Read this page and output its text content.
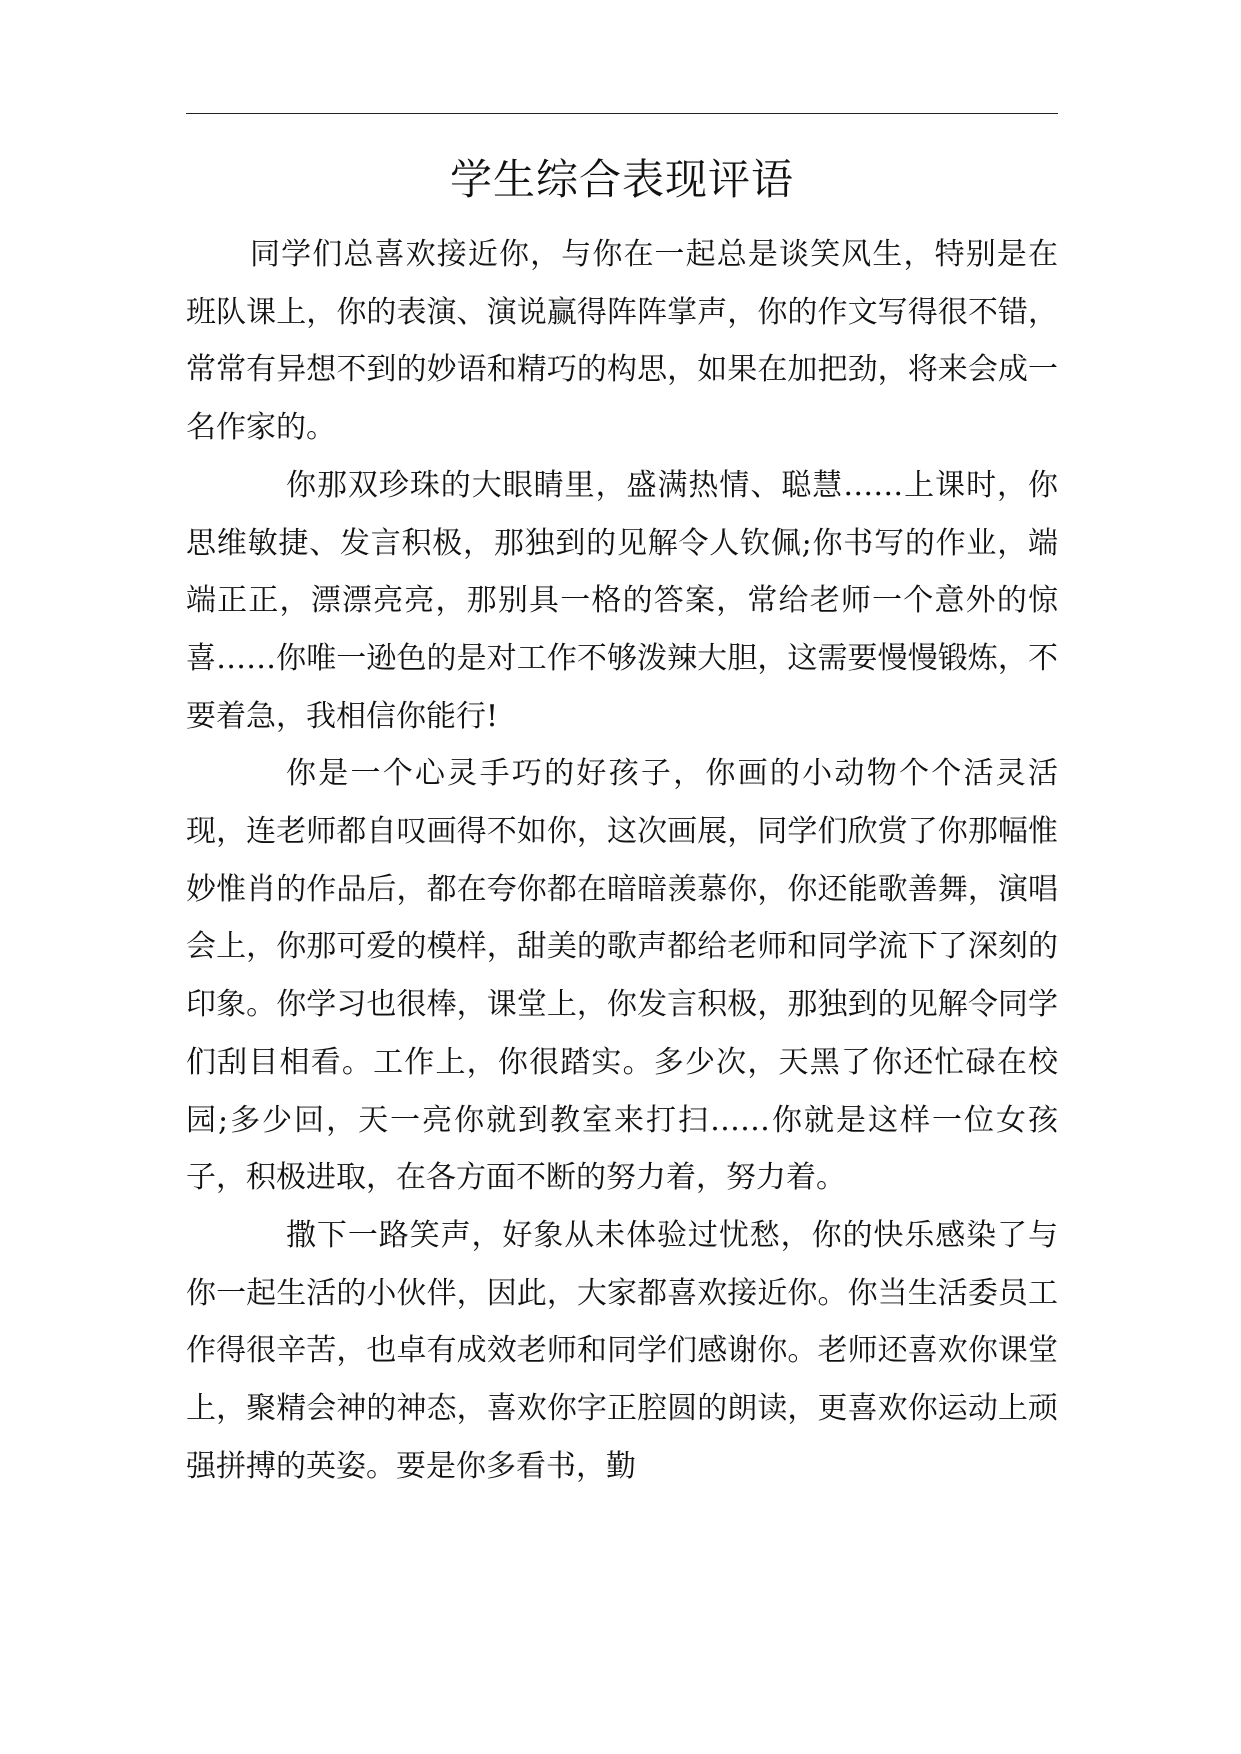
学生综合表现评语

同学们总喜欢接近你，与你在一起总是谈笑风生，特别是在班队课上，你的表演、演说赢得阵阵掌声，你的作文写得很不错，常常有异想不到的妙语和精巧的构思，如果在加把劲，将来会成一名作家的。

你那双珍珠的大眼睛里，盛满热情、聪慧……上课时，你思维敏捷、发言积极，那独到的见解令人钦佩;你书写的作业，端端正正，漂漂亮亮，那别具一格的答案，常给老师一个意外的惊喜……你唯一逊色的是对工作不够泼辣大胆，这需要慢慢锻炼，不要着急，我相信你能行!

你是一个心灵手巧的好孩子，你画的小动物个个活灵活现，连老师都自叹画得不如你，这次画展，同学们欣赏了你那幅惟妙惟肖的作品后，都在夸你都在暗暗羡慕你，你还能歌善舞，演唱会上，你那可爱的模样，甜美的歌声都给老师和同学流下了深刻的印象。你学习也很棒，课堂上，你发言积极，那独到的见解令同学们刮目相看。工作上，你很踏实。多少次，天黑了你还忙碌在校园;多少回，天一亮你就到教室来打扫……你就是这样一位女孩子，积极进取，在各方面不断的努力着，努力着。

撒下一路笑声，好象从未体验过忧愁，你的快乐感染了与你一起生活的小伙伴，因此，大家都喜欢接近你。你当生活委员工作得很辛苦，也卓有成效老师和同学们感谢你。老师还喜欢你课堂上，聚精会神的神态，喜欢你字正腔圆的朗读，更喜欢你运动上顽强拼搏的英姿。要是你多看书，勤
